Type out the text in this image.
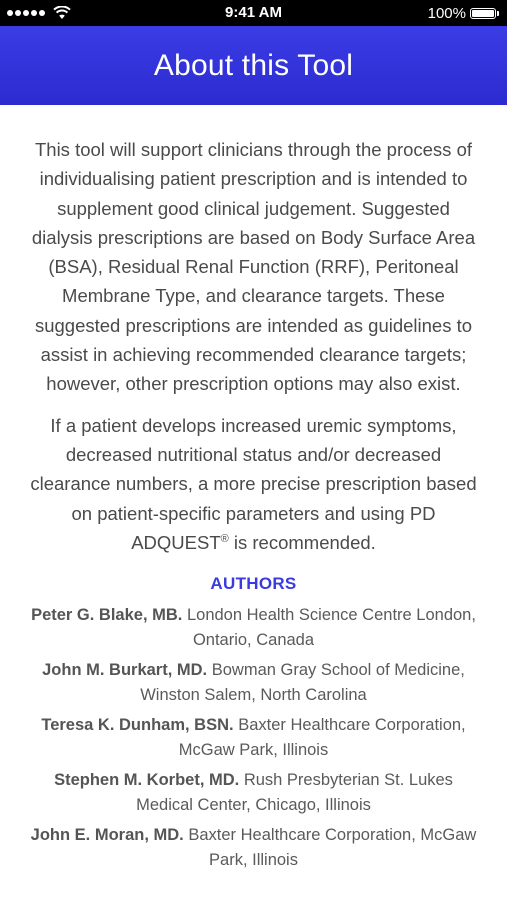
9:41 AM	100%
About this Tool

This tool will support clinicians through the process of individualising patient prescription and is intended to supplement good clinical judgement. Suggested dialysis prescriptions are based on Body Surface Area (BSA), Residual Renal Function (RRF), Peritoneal Membrane Type, and clearance targets. These suggested prescriptions are intended as guidelines to assist in achieving recommended clearance targets; however, other prescription options may also exist.

If a patient develops increased uremic symptoms, decreased nutritional status and/or decreased clearance numbers, a more precise prescription based on patient-specific parameters and using PD ADQUEST® is recommended.

AUTHORS
Peter G. Blake, MB. London Health Science Centre London, Ontario, Canada
John M. Burkart, MD. Bowman Gray School of Medicine, Winston Salem, North Carolina
Teresa K. Dunham, BSN. Baxter Healthcare Corporation, McGaw Park, Illinois
Stephen M. Korbet, MD. Rush Presbyterian St. Lukes Medical Center, Chicago, Illinois
John E. Moran, MD. Baxter Healthcare Corporation, McGaw Park, Illinois
